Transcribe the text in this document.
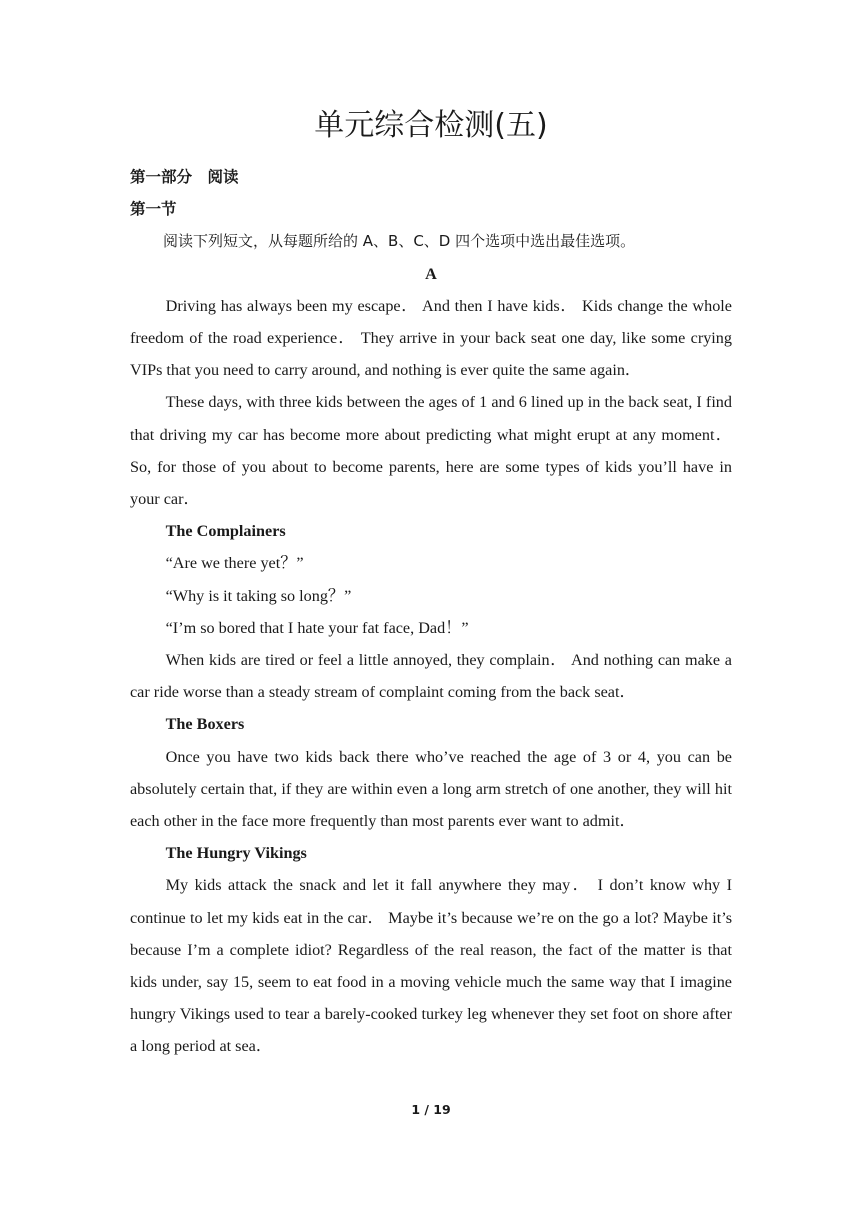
单元综合检测(五)

第一部分　阅读

第一节

阅读下列短文，从每题所给的 A、B、C、D 四个选项中选出最佳选项。

A

Driving has always been my escape． And then I have kids． Kids change the whole freedom of the road experience． They arrive in your back seat one day, like some crying VIPs that you need to carry around, and nothing is ever quite the same again．

These days, with three kids between the ages of 1 and 6 lined up in the back seat, I find that driving my car has become more about predicting what might erupt at any moment． So, for those of you about to become parents, here are some types of kids you’ll have in your car．

The Complainers

“Are we there yet？”

“Why is it taking so long？”

“I’m so bored that I hate your fat face, Dad！”

When kids are tired or feel a little annoyed, they complain． And nothing can make a car ride worse than a steady stream of complaint coming from the back seat．

The Boxers

Once you have two kids back there who’ve reached the age of 3 or 4, you can be absolutely certain that, if they are within even a long arm stretch of one another, they will hit each other in the face more frequently than most parents ever want to admit．

The Hungry Vikings

My kids attack the snack and let it fall anywhere they may． I don’t know why I continue to let my kids eat in the car． Maybe it’s because we’re on the go a lot? Maybe it’s because I’m a complete idiot? Regardless of the real reason, the fact of the matter is that kids under, say 15, seem to eat food in a moving vehicle much the same way that I imagine hungry Vikings used to tear a barely-cooked turkey leg whenever they set foot on shore after a long period at sea．

1 / 19
